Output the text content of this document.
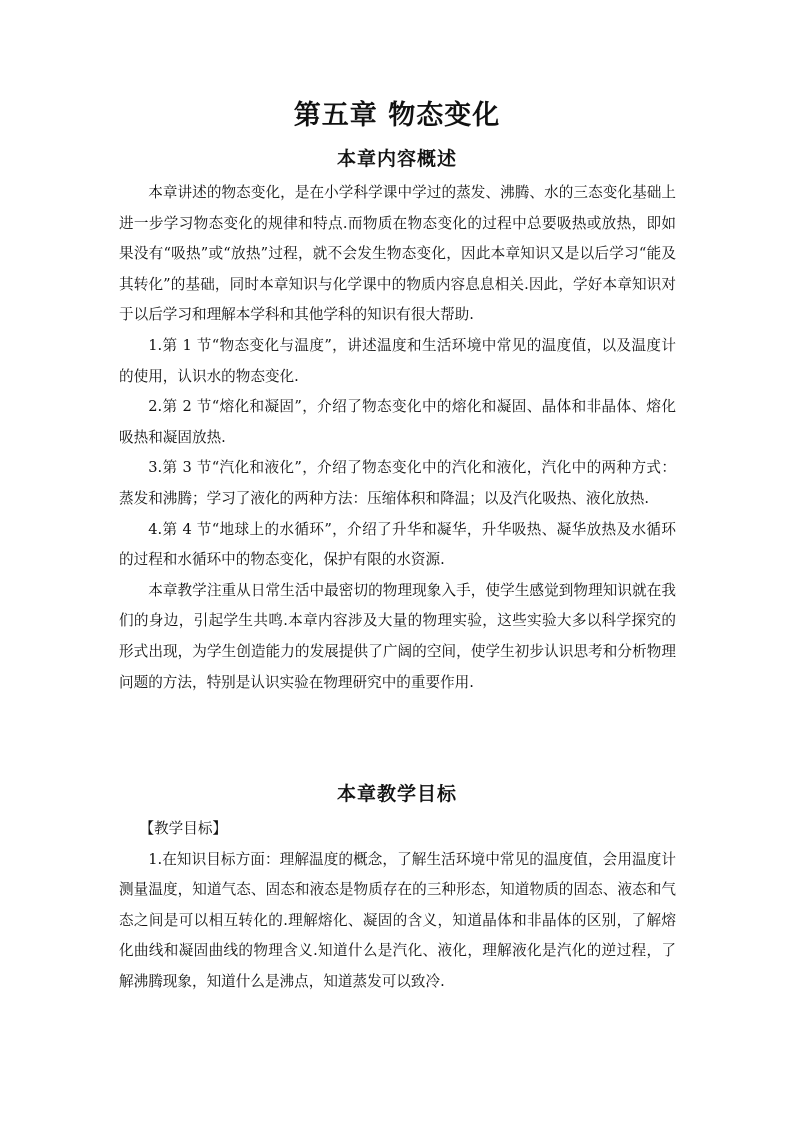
第五章 物态变化
本章内容概述

本章讲述的物态变化，是在小学科学课中学过的蒸发、沸腾、水的三态变化基础上进一步学习物态变化的规律和特点.而物质在物态变化的过程中总要吸热或放热，即如果没有“吸热”或“放热”过程，就不会发生物态变化，因此本章知识又是以后学习“能及其转化”的基础，同时本章知识与化学课中的物质内容息息相关.因此，学好本章知识对于以后学习和理解本学科和其他学科的知识有很大帮助.

1.第 1 节“物态变化与温度”，讲述温度和生活环境中常见的温度值，以及温度计的使用，认识水的物态变化.

2.第 2 节“熔化和凝固”，介绍了物态变化中的熔化和凝固、晶体和非晶体、熔化吸热和凝固放热.

3.第 3 节“汽化和液化”，介绍了物态变化中的汽化和液化，汽化中的两种方式：蒸发和沸腾；学习了液化的两种方法：压缩体积和降温；以及汽化吸热、液化放热.

4.第 4 节“地球上的水循环”，介绍了升华和凝华，升华吸热、凝华放热及水循环的过程和水循环中的物态变化，保护有限的水资源.

本章教学注重从日常生活中最密切的物理现象入手，使学生感觉到物理知识就在我们的身边，引起学生共鸣.本章内容涉及大量的物理实验，这些实验大多以科学探究的形式出现，为学生创造能力的发展提供了广阔的空间，使学生初步认识思考和分析物理问题的方法，特别是认识实验在物理研究中的重要作用.

本章教学目标

【教学目标】

1.在知识目标方面：理解温度的概念，了解生活环境中常见的温度值，会用温度计测量温度，知道气态、固态和液态是物质存在的三种形态，知道物质的固态、液态和气态之间是可以相互转化的.理解熔化、凝固的含义，知道晶体和非晶体的区别，了解熔化曲线和凝固曲线的物理含义.知道什么是汽化、液化，理解液化是汽化的逆过程，了解沸腾现象，知道什么是沸点，知道蒸发可以致冷.
